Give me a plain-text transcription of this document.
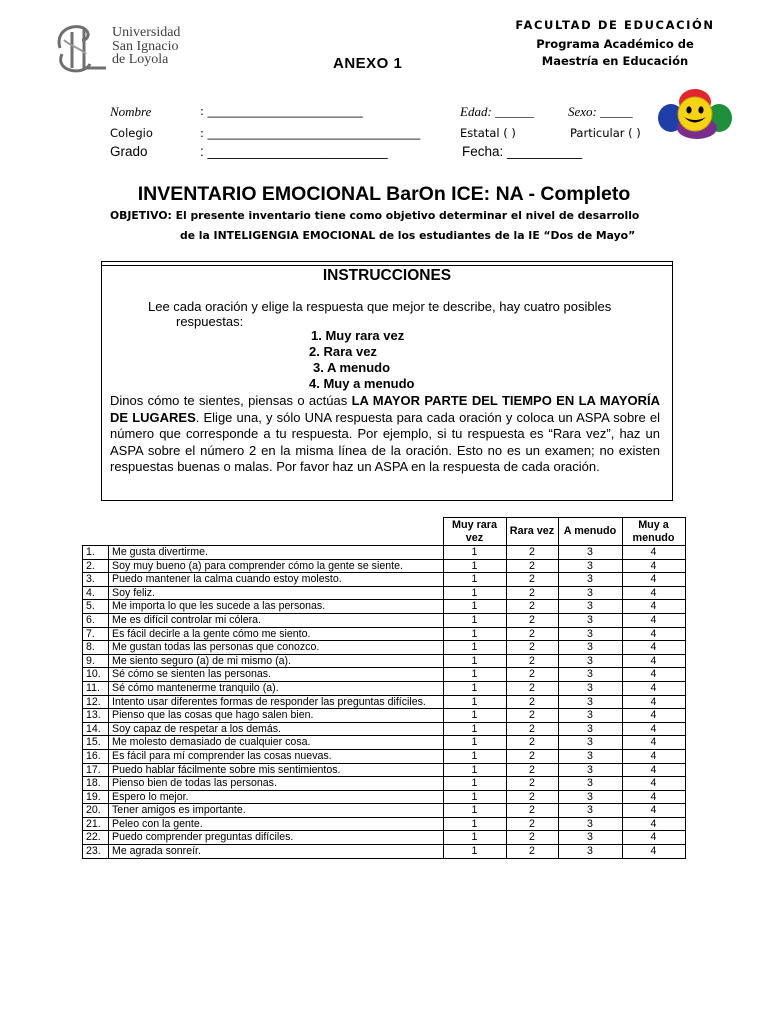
Universidad
San Ignacio
de Loyola
FACULTAD DE EDUCACIÓN
Programa Académico de
Maestría en Educación
ANEXO 1
Nombre	: ___________________________	Edad: ______	Sexo: _____
Colegio	: _____________________________________	Estatal ( )	Particular ( )
Grado	: ________________________	Fecha: __________
INVENTARIO EMOCIONAL BarOn ICE: NA - Completo
OBJETIVO: El presente inventario tiene como objetivo determinar el nivel de desarrollo
de la INTELIGENGIA EMOCIONAL de los estudiantes de la IE “Dos de Mayo”
INSTRUCCIONES
Lee cada oración y elige la respuesta que mejor te describe, hay cuatro posibles
respuestas:
1. Muy rara vez
2. Rara vez
3. A menudo
4. Muy a menudo
Dinos cómo te sientes, piensas o actúas LA MAYOR PARTE DEL TIEMPO EN LA MAYORÍA DE LUGARES. Elige una, y sólo UNA respuesta para cada oración y coloca un ASPA sobre el número que corresponde a tu respuesta. Por ejemplo, si tu respuesta es “Rara vez”, haz un ASPA sobre el número 2 en la misma línea de la oración. Esto no es un examen; no existen respuestas buenas o malas. Por favor haz un ASPA en la respuesta de cada oración.
		Muy rara vez	Rara vez	A menudo	Muy a menudo
1.	Me gusta divertirme.	1	2	3	4
2.	Soy muy bueno (a) para comprender cómo la gente se siente.	1	2	3	4
3.	Puedo mantener la calma cuando estoy molesto.	1	2	3	4
4.	Soy feliz.	1	2	3	4
5.	Me importa lo que les sucede a las personas.	1	2	3	4
6.	Me es difícil controlar mi cólera.	1	2	3	4
7.	Es fácil decirle a la gente cómo me siento.	1	2	3	4
8.	Me gustan todas las personas que conozco.	1	2	3	4
9.	Me siento seguro (a) de mi mismo (a).	1	2	3	4
10.	Sé cómo se sienten las personas.	1	2	3	4
11.	Sé cómo mantenerme tranquilo (a).	1	2	3	4
12.	Intento usar diferentes formas de responder las preguntas difíciles.	1	2	3	4
13.	Pienso que las cosas que hago salen bien.	1	2	3	4
14.	Soy capaz de respetar a los demás.	1	2	3	4
15.	Me molesto demasiado de cualquier cosa.	1	2	3	4
16.	Es fácil para mí comprender las cosas nuevas.	1	2	3	4
17.	Puedo hablar fácilmente sobre mis sentimientos.	1	2	3	4
18.	Pienso bien de todas las personas.	1	2	3	4
19.	Espero lo mejor.	1	2	3	4
20.	Tener amigos es importante.	1	2	3	4
21.	Peleo con la gente.	1	2	3	4
22.	Puedo comprender preguntas difíciles.	1	2	3	4
23.	Me agrada sonreír.	1	2	3	4
